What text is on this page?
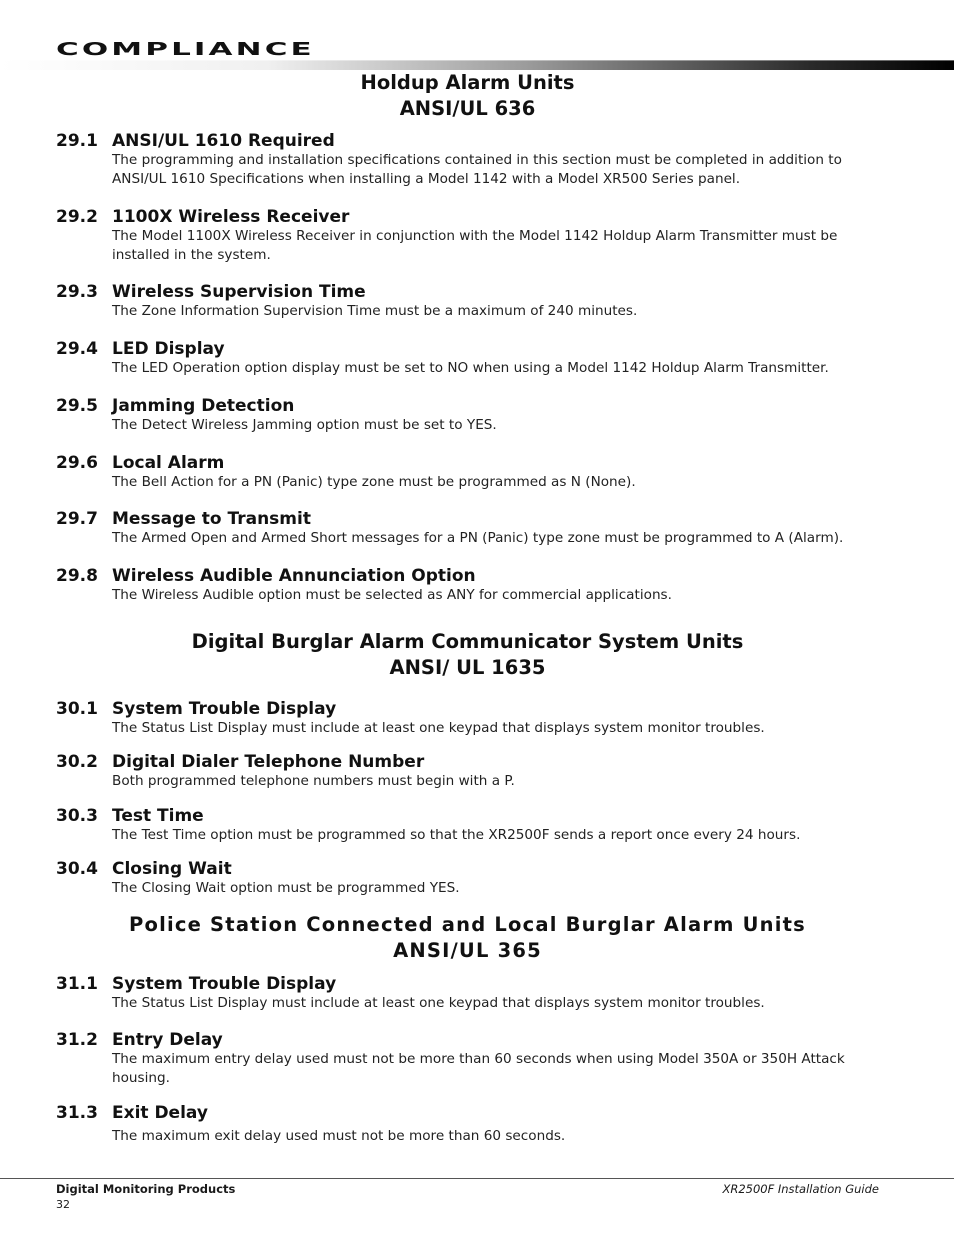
COMPLIANCE
Holdup Alarm Units
ANSI/UL 636
29.1 ANSI/UL 1610 Required
The programming and installation specifications contained in this section must be completed in addition to ANSI/UL 1610 Specifications when installing a Model 1142 with a Model XR500 Series panel.
29.2 1100X Wireless Receiver
The Model 1100X Wireless Receiver in conjunction with the Model 1142 Holdup Alarm Transmitter must be installed in the system.
29.3 Wireless Supervision Time
The Zone Information Supervision Time must be a maximum of 240 minutes.
29.4 LED Display
The LED Operation option display must be set to NO when using a Model 1142 Holdup Alarm Transmitter.
29.5 Jamming Detection
The Detect Wireless Jamming option must be set to YES.
29.6 Local Alarm
The Bell Action for a PN (Panic) type zone must be programmed as N (None).
29.7 Message to Transmit
The Armed Open and Armed Short messages for a PN (Panic) type zone must be programmed to A (Alarm).
29.8 Wireless Audible Annunciation Option
The Wireless Audible option must be selected as ANY for commercial applications.
Digital Burglar Alarm Communicator System Units
ANSI/ UL 1635
30.1 System Trouble Display
The Status List Display must include at least one keypad that displays system monitor troubles.
30.2 Digital Dialer Telephone Number
Both programmed telephone numbers must begin with a P.
30.3 Test Time
The Test Time option must be programmed so that the XR2500F sends a report once every 24 hours.
30.4 Closing Wait
The Closing Wait option must be programmed YES.
Police Station Connected and Local Burglar Alarm Units
ANSI/UL 365
31.1 System Trouble Display
The Status List Display must include at least one keypad that displays system monitor troubles.
31.2 Entry Delay
The maximum entry delay used must not be more than 60 seconds when using Model 350A or 350H Attack housing.
31.3 Exit Delay
The maximum exit delay used must not be more than 60 seconds.
Digital Monitoring Products
32
XR2500F Installation Guide
